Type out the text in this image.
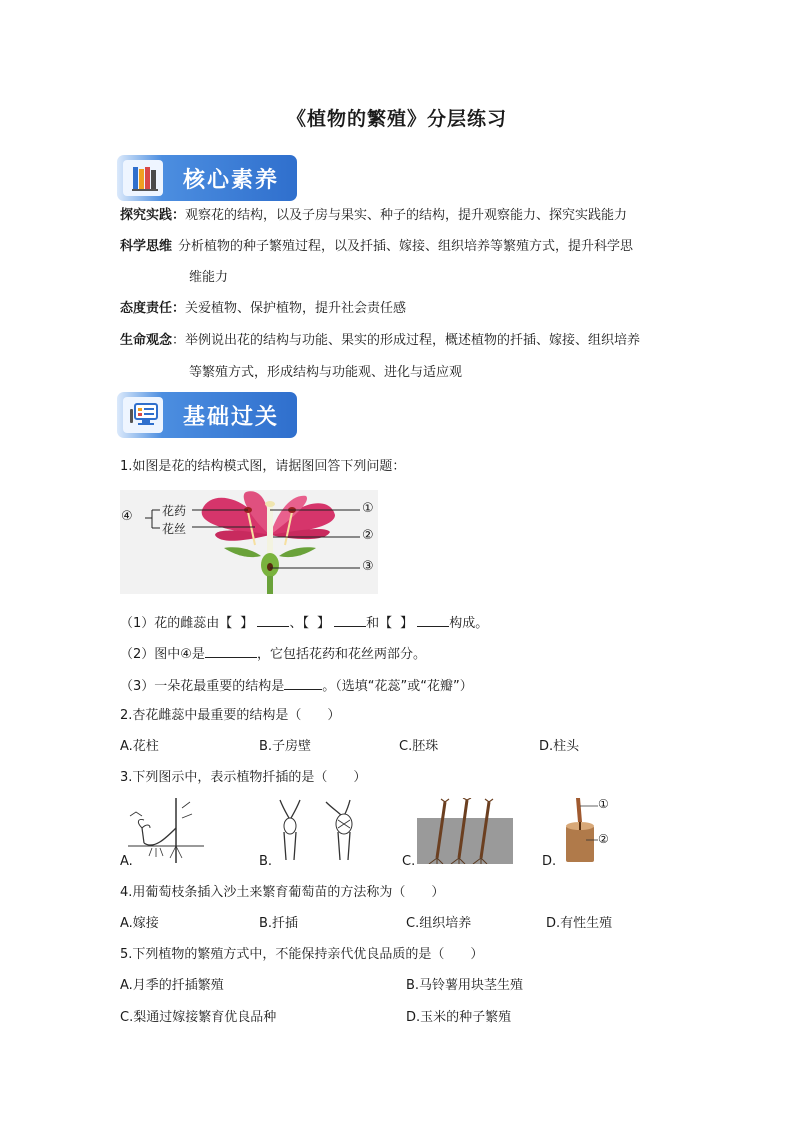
《植物的繁殖》分层练习
核心素养
探究实践：观察花的结构，以及子房与果实、种子的结构，提升观察能力、探究实践能力
科学思维 分析植物的种子繁殖过程，以及扦插、嫁接、组织培养等繁殖方式，提升科学思
维能力
态度责任：关爱植物、保护植物，提升社会责任感
生命观念：举例说出花的结构与功能、果实的形成过程，概述植物的扦插、嫁接、组织培养
等繁殖方式，形成结构与功能观、进化与适应观
基础过关
1.如图是花的结构模式图，请据图回答下列问题：
④ 花药
花丝
①
②
③
（1）花的雌蕊由【 】	、【 】	和【 】	构成。
（2）图中④是	，它包括花药和花丝两部分。
（3）一朵花最重要的结构是	。（选填“花蕊”或“花瓣”）
2.杏花雌蕊中最重要的结构是（　　）
A.花柱	B.子房壁	C.胚珠	D.柱头
3.下列图示中，表示植物扦插的是（　　）
A.	B.	C.
①
②
D.
4.用葡萄枝条插入沙土来繁育葡萄苗的方法称为（　　）
A.嫁接	B.扦插	C.组织培养	D.有性生殖
5.下列植物的繁殖方式中，不能保持亲代优良品质的是（　　）
A.月季的扦插繁殖	B.马铃薯用块茎生殖
C.梨通过嫁接繁育优良品种	D.玉米的种子繁殖
